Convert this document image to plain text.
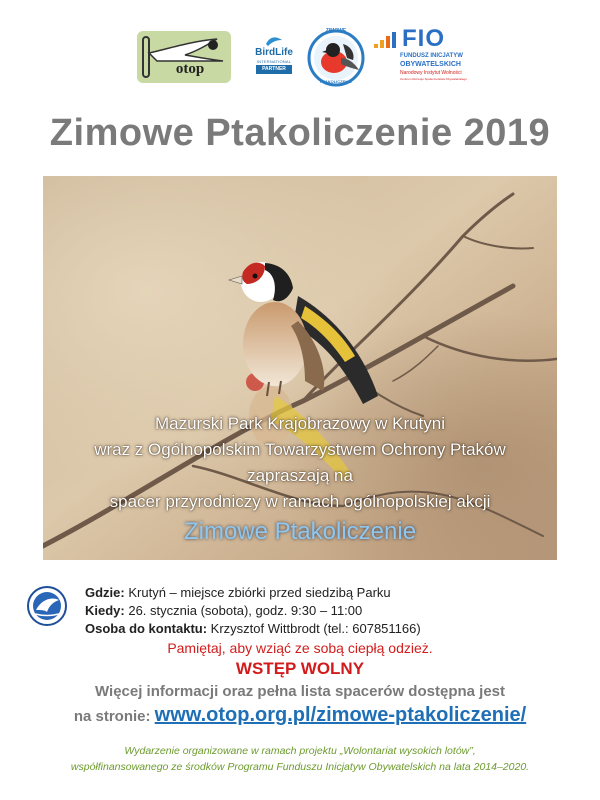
otop
BirdLife
INTERNATIONAL
PARTNER
ZIMOWE
PTAKOLICZENIE
FIO
FUNDUSZ INICJATYW
OBYWATELSKICH
Narodowy Instytut Wolności
Centrum Rozwoju Społeczeństwa Obywatelskiego
Zimowe Ptakoliczenie 2019
Mazurski Park Krajobrazowy w Krutyni
wraz z Ogólnopolskim Towarzystwem Ochrony Ptaków
zapraszają na
spacer przyrodniczy w ramach ogólnopolskiej akcji
Zimowe Ptakoliczenie
Gdzie: Krutyń – miejsce zbiórki przed siedzibą Parku
Kiedy: 26. stycznia (sobota), godz. 9:30 – 11:00
Osoba do kontaktu: Krzysztof Wittbrodt (tel.: 607851166)
Pamiętaj, aby wziąć ze sobą ciepłą odzież.
WSTĘP WOLNY
Więcej informacji oraz pełna lista spacerów dostępna jest
na stronie: www.otop.org.pl/zimowe-ptakoliczenie/
Wydarzenie organizowane w ramach projektu „Wolontariat wysokich lotów”,
współfinansowanego ze środków Programu Funduszu Inicjatyw Obywatelskich na lata 2014–2020.
